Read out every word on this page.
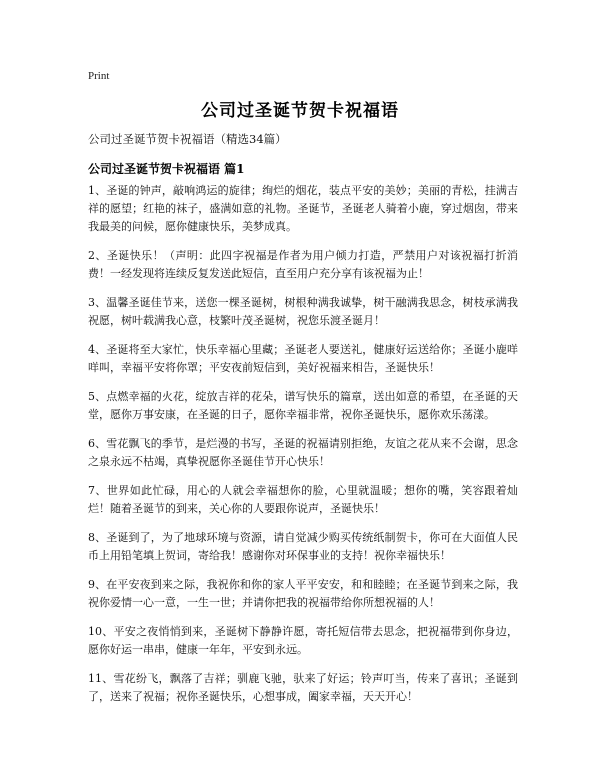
Print
公司过圣诞节贺卡祝福语
公司过圣诞节贺卡祝福语（精选34篇）
公司过圣诞节贺卡祝福语 篇1

1、圣诞的钟声，敲响鸿运的旋律；绚烂的烟花，装点平安的美妙；美丽的青松，挂满吉祥的愿望；红艳的袜子，盛满如意的礼物。圣诞节，圣诞老人骑着小鹿，穿过烟囱，带来我最美的问候，愿你健康快乐，美梦成真。

2、圣诞快乐！（声明：此四字祝福是作者为用户倾力打造，严禁用户对该祝福打折消费！一经发现将连续反复发送此短信，直至用户充分享有该祝福为止！

3、温馨圣诞佳节来，送您一棵圣诞树，树根种满我诚挚，树干融满我思念，树枝承满我祝愿，树叶载满我心意，枝繁叶茂圣诞树，祝您乐渡圣诞月！

4、圣诞将至大家忙，快乐幸福心里藏；圣诞老人要送礼，健康好运送给你；圣诞小鹿咩咩叫，幸福平安将你罩；平安夜前短信到，美好祝福来相告，圣诞快乐！

5、点燃幸福的火花，绽放吉祥的花朵，谱写快乐的篇章，送出如意的希望，在圣诞的天堂，愿你万事安康，在圣诞的日子，愿你幸福非常，祝你圣诞快乐，愿你欢乐荡漾。

6、雪花飘飞的季节，是烂漫的书写，圣诞的祝福请别拒绝，友谊之花从来不会谢，思念之泉永远不枯竭，真挚祝愿你圣诞佳节开心快乐！

7、世界如此忙碌，用心的人就会幸福想你的脸，心里就温暖；想你的嘴，笑容跟着灿烂！随着圣诞节的到来，关心你的人要跟你说声，圣诞快乐！

8、圣诞到了，为了地球环境与资源，请自觉减少购买传统纸制贺卡，你可在大面值人民币上用铅笔填上贺词，寄给我！感谢你对环保事业的支持！祝你幸福快乐！

9、在平安夜到来之际，我祝你和你的家人平平安安，和和睦睦；在圣诞节到来之际，我祝你爱情一心一意，一生一世；并请你把我的祝福带给你所想祝福的人！

10、平安之夜悄悄到来，圣诞树下静静许愿，寄托短信带去思念，把祝福带到你身边，愿你好运一串串，健康一年年，平安到永远。

11、雪花纷飞，飘落了吉祥；驯鹿飞驰，驮来了好运；铃声叮当，传来了喜讯；圣诞到了，送来了祝福；祝你圣诞快乐，心想事成，阖家幸福，天天开心！
